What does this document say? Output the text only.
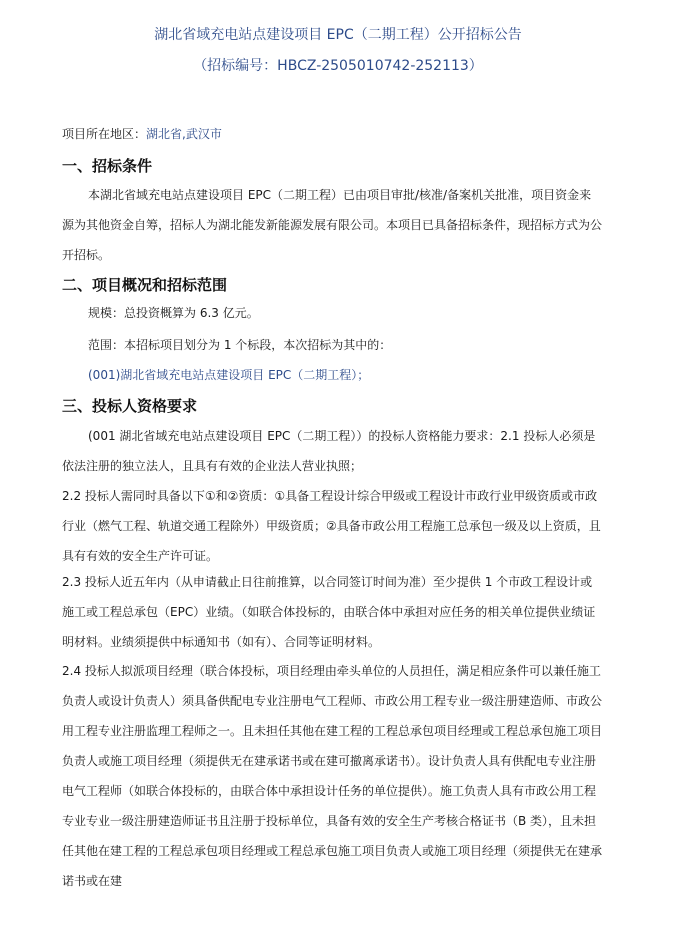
湖北省域充电站点建设项目 EPC（二期工程）公开招标公告
（招标编号：HBCZ-2505010742-252113）
项目所在地区：湖北省,武汉市
一、招标条件

本湖北省域充电站点建设项目 EPC（二期工程）已由项目审批/核准/备案机关批准，项目资金来源为其他资金自筹，招标人为湖北能发新能源发展有限公司。本项目已具备招标条件，现招标方式为公开招标。

二、项目概况和招标范围
规模：总投资概算为 6.3 亿元。
范围：本招标项目划分为 1 个标段，本次招标为其中的：
(001)湖北省域充电站点建设项目 EPC（二期工程）；
三、投标人资格要求

(001 湖北省域充电站点建设项目 EPC（二期工程））的投标人资格能力要求：2.1 投标人必须是依法注册的独立法人，且具有有效的企业法人营业执照；

2.2 投标人需同时具备以下①和②资质：①具备工程设计综合甲级或工程设计市政行业甲级资质或市政行业（燃气工程、轨道交通工程除外）甲级资质；②具备市政公用工程施工总承包一级及以上资质，且具有有效的安全生产许可证。

2.3 投标人近五年内（从申请截止日往前推算，以合同签订时间为准）至少提供 1 个市政工程设计或施工或工程总承包（EPC）业绩。（如联合体投标的，由联合体中承担对应任务的相关单位提供业绩证明材料。业绩须提供中标通知书（如有）、合同等证明材料。

2.4 投标人拟派项目经理（联合体投标，项目经理由牵头单位的人员担任，满足相应条件可以兼任施工负责人或设计负责人）须具备供配电专业注册电气工程师、市政公用工程专业一级注册建造师、市政公用工程专业注册监理工程师之一。且未担任其他在建工程的工程总承包项目经理或工程总承包施工项目负责人或施工项目经理（须提供无在建承诺书或在建可撤离承诺书）。设计负责人具有供配电专业注册电气工程师（如联合体投标的，由联合体中承担设计任务的单位提供）。施工负责人具有市政公用工程专业专业一级注册建造师证书且注册于投标单位，具备有效的安全生产考核合格证书（B 类），且未担任其他在建工程的工程总承包项目经理或工程总承包施工项目负责人或施工项目经理（须提供无在建承诺书或在建
